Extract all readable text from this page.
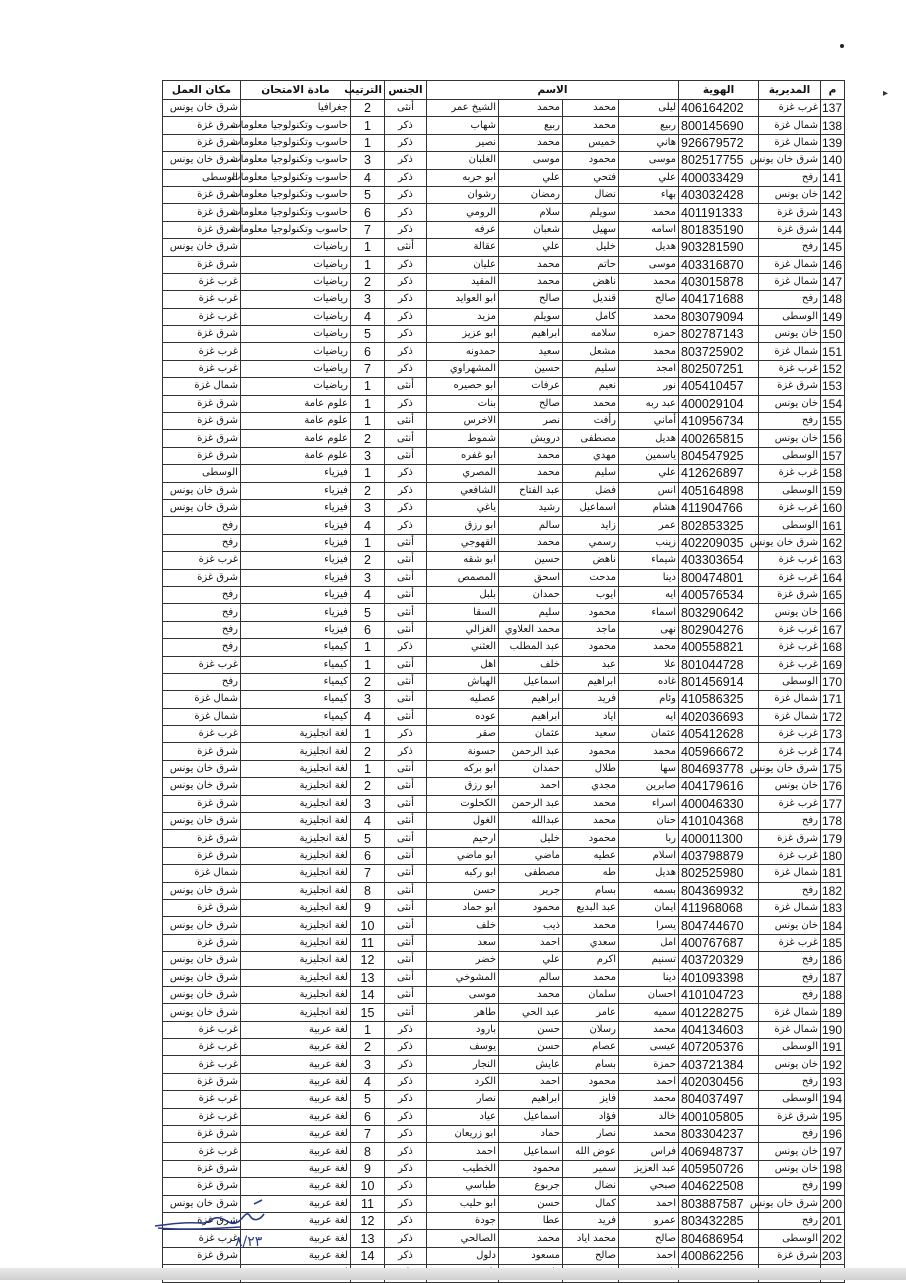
▸
م	المديرية	الهوية	الاسم				الجنس	الترتيب	مادة الامتحان	مكان العمل
137	غرب غزة	406164202	ليلى	محمد	محمد	الشيخ عمر	أنثى	2	جغرافيا	شرق خان يونس
138	شمال غزة	800145690	ربيع	محمد	ربيع	شهاب	ذكر	1	حاسوب وتكنولوجيا معلومات	شرق غزة
139	شمال غزة	926679572	هاني	خميس	محمد	نصير	ذكر	1	حاسوب وتكنولوجيا معلومات	شرق غزة
140	شرق خان يونس	802517755	موسى	محمود	موسى	الغلبان	ذكر	3	حاسوب وتكنولوجيا معلومات	شرق خان يونس
141	رفح	400033429	علي	فتحي	علي	ابو حربه	ذكر	4	حاسوب وتكنولوجيا معلومات	الوسطى
142	خان يونس	403032428	بهاء	نضال	رمضان	رشوان	ذكر	5	حاسوب وتكنولوجيا معلومات	شرق غزة
143	شرق غزة	401191333	محمد	سويلم	سلام	الرومي	ذكر	6	حاسوب وتكنولوجيا معلومات	شرق غزة
144	شرق غزة	801835190	اسامه	سهيل	شعبان	عرفه	ذكر	7	حاسوب وتكنولوجيا معلومات	شرق غزة
145	رفح	903281590	هديل	خليل	علي	عقالة	أنثى	1	رياضيات	شرق خان يونس
146	شمال غزة	403316870	موسى	حاتم	محمد	عليان	ذكر	1	رياضيات	شرق غزة
147	شمال غزة	403015878	محمد	ناهض	محمد	المقيد	ذكر	2	رياضيات	غرب غزة
148	رفح	404171688	صالح	قنديل	صالح	ابو العوايد	ذكر	3	رياضيات	غرب غزة
149	الوسطى	803079094	محمد	كامل	سويلم	مزيد	ذكر	4	رياضيات	غرب غزة
150	خان يونس	802787143	حمزه	سلامه	ابراهيم	ابو عزيز	ذكر	5	رياضيات	شرق غزة
151	شمال غزة	803725902	محمد	مشعل	سعيد	حمدونه	ذكر	6	رياضيات	غرب غزة
152	غرب غزة	802507251	امجد	سليم	حسين	المشهراوي	ذكر	7	رياضيات	غرب غزة
153	شرق غزة	405410457	نور	نعيم	عرفات	ابو حصيره	أنثى	1	رياضيات	شمال غزة
154	خان يونس	400029104	عبد ربه	محمد	صالح	بنات	ذكر	1	علوم عامة	شرق غزة
155	رفح	410956734	أماني	رأفت	نصر	الاخرس	أنثى	1	علوم عامة	شرق غزة
156	خان يونس	400265815	هديل	مصطفى	درويش	شموط	أنثى	2	علوم عامة	شرق غزة
157	الوسطى	804547925	ياسمين	مهدي	محمد	ابو غفره	أنثى	3	علوم عامة	شرق غزة
158	غرب غزة	412626897	علي	سليم	محمد	المصري	ذكر	1	فيزياء	الوسطى
159	الوسطى	405164898	انس	فضل	عبد الفتاح	الشافعي	ذكر	2	فيزياء	شرق خان يونس
160	غرب غزة	411904766	هشام	اسماعيل	رشيد	ياغي	ذكر	3	فيزياء	شرق خان يونس
161	الوسطى	802853325	عمر	زايد	سالم	ابو رزق	ذكر	4	فيزياء	رفح
162	شرق خان يونس	402209035	زينب	رسمي	محمد	القهوجي	أنثى	1	فيزياء	رفح
163	غرب غزة	403303654	شيماء	ناهض	حسين	ابو شقه	أنثى	2	فيزياء	غرب غزة
164	غرب غزة	800474801	دينا	مدحت	اسحق	المصمص	أنثى	3	فيزياء	شرق غزة
165	شرق غزة	400576534	ايه	ايوب	حمدان	بلبل	أنثى	4	فيزياء	رفح
166	خان يونس	803290642	اسماء	محمود	سليم	السقا	أنثى	5	فيزياء	رفح
167	غرب غزة	802904276	نهى	ماجد	محمد العلاوي	الغزالي	أنثى	6	فيزياء	رفح
168	غرب غزة	400558821	محمد	محمود	عبد المطلب	العثني	ذكر	1	كيمياء	رفح
169	غرب غزة	801044728	علا	عبد	خلف	اهل	أنثى	1	كيمياء	غرب غزة
170	الوسطى	801456914	غاده	ابراهيم	اسماعيل	الهباش	أنثى	2	كيمياء	رفح
171	شمال غزة	410586325	وئام	فريد	ابراهيم	عصليه	أنثى	3	كيمياء	شمال غزة
172	شمال غزة	402036693	ايه	اياد	ابراهيم	عوده	أنثى	4	كيمياء	شمال غزة
173	غرب غزة	405412628	عثمان	سعيد	عثمان	صقر	ذكر	1	لغة انجليزية	غرب غزة
174	غرب غزة	405966672	محمد	محمود	عبد الرحمن	حسونة	ذكر	2	لغة انجليزية	شرق غزة
175	شرق خان يونس	804693778	سها	طلال	حمدان	ابو بركه	أنثى	1	لغة انجليزية	شرق خان يونس
176	خان يونس	404179616	صابرين	مجدي	احمد	ابو رزق	أنثى	2	لغة انجليزية	شرق خان يونس
177	غرب غزة	400046330	اسراء	محمد	عبد الرحمن	الكحلوت	أنثى	3	لغة انجليزية	شرق غزة
178	رفح	410104368	حنان	محمد	عبدالله	الغول	أنثى	4	لغة انجليزية	شرق خان يونس
179	شرق غزة	400011300	ربا	محمود	خليل	ارحيم	أنثى	5	لغة انجليزية	شرق غزة
180	غرب غزة	403798879	اسلام	عطيه	ماضي	ابو ماضي	أنثى	6	لغة انجليزية	شرق غزة
181	شمال غزة	802525980	هديل	طه	مصطفى	ابو ركبه	أنثى	7	لغة انجليزية	شمال غزة
182	رفح	804369932	بسمه	بسام	جرير	حسن	أنثى	8	لغة انجليزية	شرق خان يونس
183	شمال غزة	411968068	ايمان	عبد البديع	محمود	ابو حماد	أنثى	9	لغة انجليزية	شرق غزة
184	خان يونس	804744670	يسرا	محمد	ذيب	خلف	أنثى	10	لغة انجليزية	شرق خان يونس
185	غرب غزة	400767687	امل	سعدي	احمد	سعد	أنثى	11	لغة انجليزية	شرق غزة
186	رفح	403720329	تسنيم	اكرم	علي	خضر	أنثى	12	لغة انجليزية	شرق خان يونس
187	رفح	401093398	دينا	محمد	سالم	المشوخي	أنثى	13	لغة انجليزية	شرق خان يونس
188	رفح	410104723	احسان	سلمان	محمد	موسى	أنثى	14	لغة انجليزية	شرق خان يونس
189	شمال غزة	401228275	سميه	عامر	عبد الحي	طاهر	أنثى	15	لغة انجليزية	شرق خان يونس
190	شمال غزة	404134603	محمد	رسلان	حسن	بارود	ذكر	1	لغة عربية	غرب غزة
191	الوسطى	407205376	عيسى	عصام	حسن	يوسف	ذكر	2	لغة عربية	غرب غزة
192	خان يونس	403721384	حمزة	بسام	عايش	النجار	ذكر	3	لغة عربية	غرب غزة
193	رفح	402030456	احمد	محمود	احمد	الكرد	ذكر	4	لغة عربية	شرق غزة
194	الوسطى	804037497	محمد	فايز	ابراهيم	نصار	ذكر	5	لغة عربية	غرب غزة
195	شرق غزة	400105805	خالد	فؤاد	اسماعيل	عياد	ذكر	6	لغة عربية	غرب غزة
196	رفح	803304237	محمد	نصار	حماد	ابو زريعان	ذكر	7	لغة عربية	شرق غزة
197	خان يونس	406948737	فراس	عوض الله	اسماعيل	احمد	ذكر	8	لغة عربية	غرب غزة
198	خان يونس	405950726	عبد العزيز	سمير	محمود	الخطيب	ذكر	9	لغة عربية	شرق غزة
199	رفح	404622508	صبحي	نضال	جربوع	طباسي	ذكر	10	لغة عربية	شرق غزة
200	شرق خان يونس	803887587	احمد	كمال	حسن	ابو حليب	ذكر	11	لغة عربية	شرق خان يونس
201	رفح	803432285	عمرو	فريد	عطا	جودة	ذكر	12	لغة عربية	شرق غزة
202	الوسطى	804686954	صالح	محمد اياد	محمد	الصالحي	ذكر	13	لغة عربية	غرب غزة
203	شرق غزة	400862256	احمد	صالح	مسعود	دلول	ذكر	14	لغة عربية	شرق غزة

٨/٢٣
